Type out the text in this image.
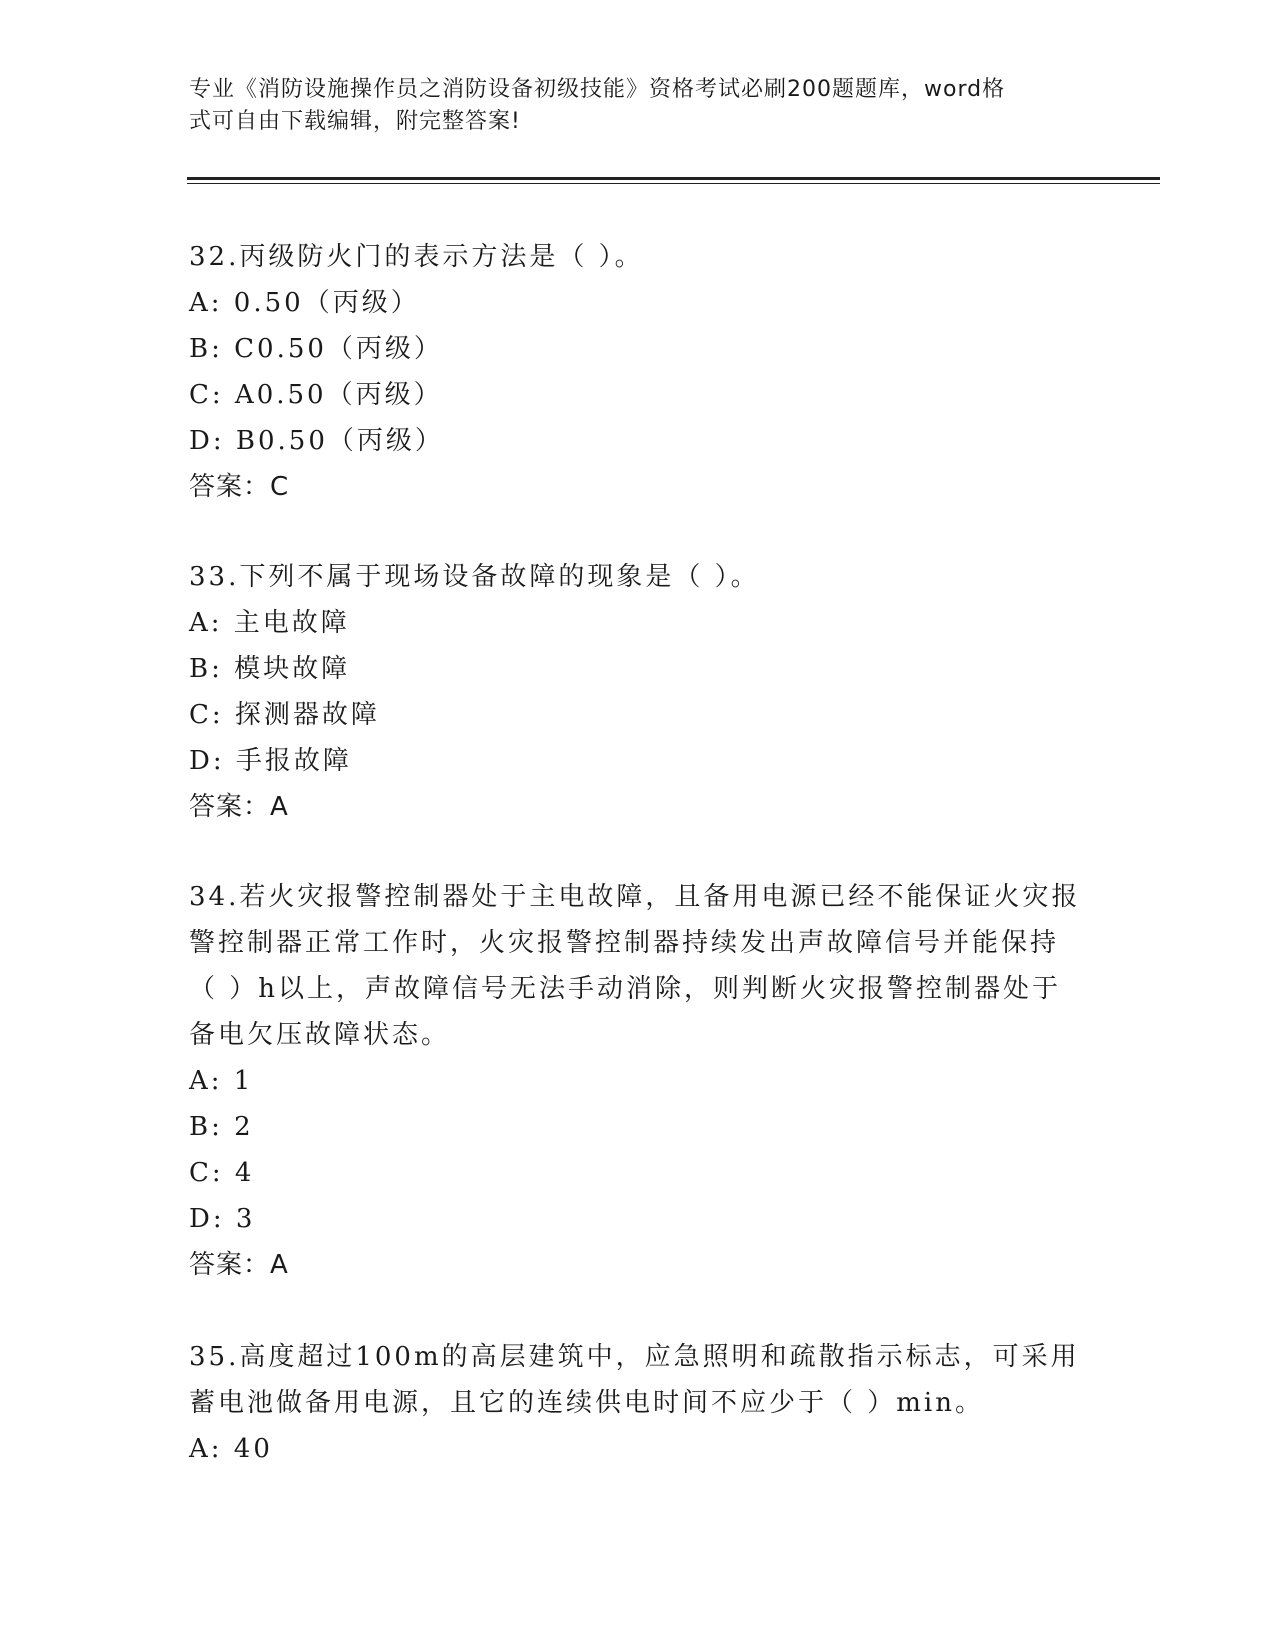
专业《消防设施操作员之消防设备初级技能》资格考试必刷200题题库，word格
式可自由下载编辑，附完整答案!
32.丙级防火门的表示方法是（ ）。
A: 0.50（丙级）
B: C0.50（丙级）
C: A0.50（丙级）
D: B0.50（丙级）
答案：C
33.下列不属于现场设备故障的现象是（ ）。
A: 主电故障
B: 模块故障
C: 探测器故障
D: 手报故障
答案：A
34.若火灾报警控制器处于主电故障，且备用电源已经不能保证火灾报
警控制器正常工作时，火灾报警控制器持续发出声故障信号并能保持
（ ）h以上，声故障信号无法手动消除，则判断火灾报警控制器处于
备电欠压故障状态。
A: 1
B: 2
C: 4
D: 3
答案：A
35.高度超过100m的高层建筑中，应急照明和疏散指示标志，可采用
蓄电池做备用电源，且它的连续供电时间不应少于（ ）min。
A: 40
